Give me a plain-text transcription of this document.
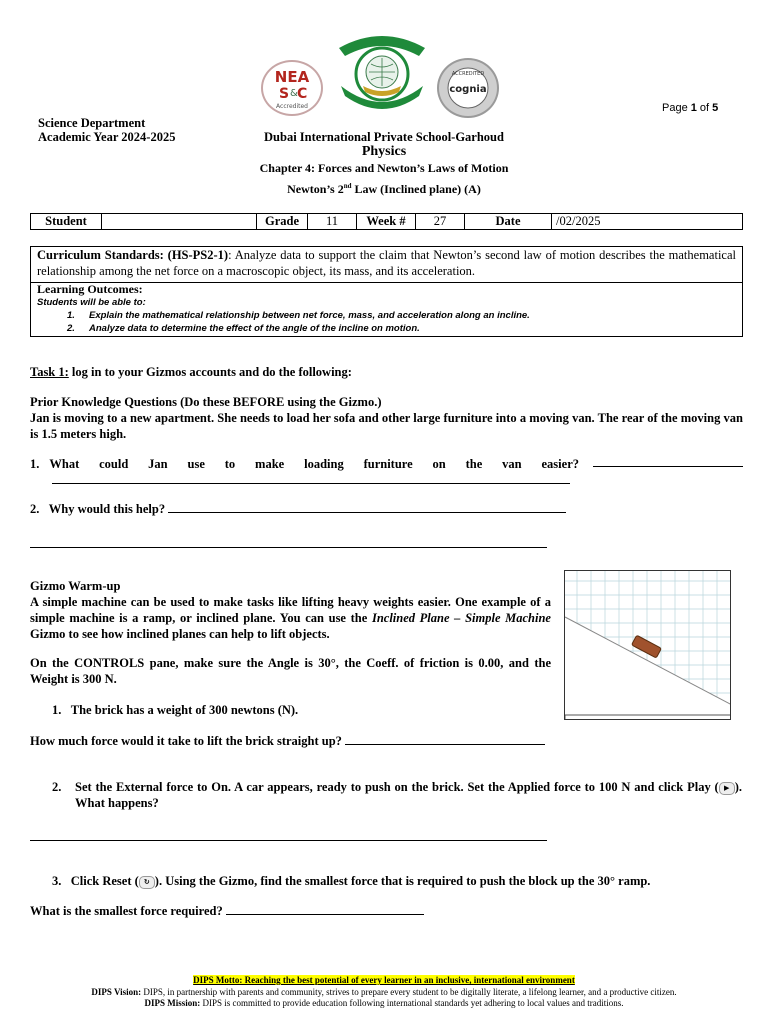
NEA
S & C
Accredited
ACCREDITED
cognia
Page 1 of 5
Science Department
Academic Year 2024-2025	Dubai International Private School-Garhoud
Physics
Chapter 4: Forces and Newton’s Laws of Motion
Newton’s 2nd Law (Inclined plane) (A)
Student		Grade	11	Week #	27	Date	/02/2025
Curriculum Standards: (HS-PS2-1): Analyze data to support the claim that Newton’s second law of motion describes the mathematical relationship among the net force on a macroscopic object, its mass, and its acceleration.
Learning Outcomes:
Students will be able to:
1. Explain the mathematical relationship between net force, mass, and acceleration along an incline.
2. Analyze data to determine the effect of the angle of the incline on motion.
Task 1: log in to your Gizmos accounts and do the following:
Prior Knowledge Questions (Do these BEFORE using the Gizmo.)
Jan is moving to a new apartment. She needs to load her sofa and other large furniture into a moving van. The rear of the moving van is 1.5 meters high.
1. What could Jan use to make loading furniture on the van easier?
2. Why would this help?
Gizmo Warm-up
A simple machine can be used to make tasks like lifting heavy weights easier. One example of a simple machine is a ramp, or inclined plane. You can use the Inclined Plane – Simple Machine Gizmo to see how inclined planes can help to lift objects.
On the CONTROLS pane, make sure the Angle is 30°, the Coeff. of friction is 0.00, and the Weight is 300 N.
1. The brick has a weight of 300 newtons (N).
How much force would it take to lift the brick straight up?
2.	Set the External force to On. A car appears, ready to push on the brick. Set the Applied force to 100 N and click Play ( ▶ ). What happens?
3. Click Reset ( ↻ ). Using the Gizmo, find the smallest force that is required to push the block up the 30° ramp.
What is the smallest force required?
DIPS Motto: Reaching the best potential of every learner in an inclusive, international environment
DIPS Vision: DIPS, in partnership with parents and community, strives to prepare every student to be digitally literate, a lifelong learner, and a productive citizen.
DIPS Mission: DIPS is committed to provide education following international standards yet adhering to local values and traditions.
